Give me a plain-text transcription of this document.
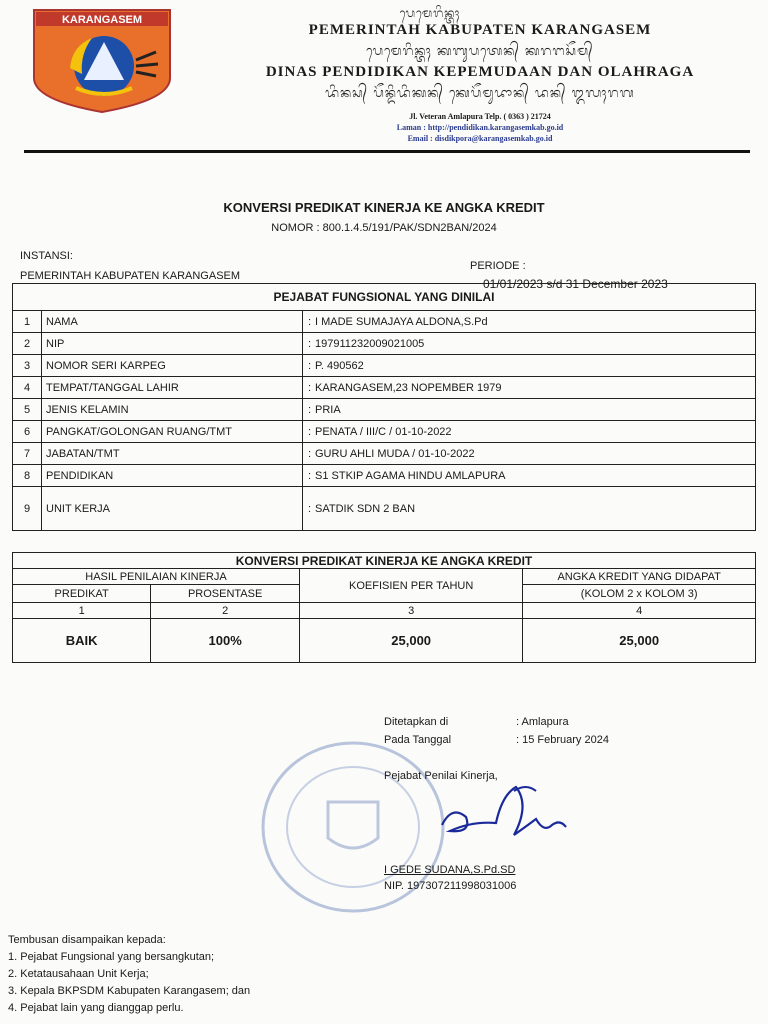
KARANGASEM	ᬧᬾᬫᬾᬭᬶᬦ᭄ᬢᬄ
PEMERINTAH KABUPATEN KARANGASEM
ᬧᬾᬫᬾᬭᬶᬦ᭄ᬢᬄ ᬓᬩᬸᬧᬢᬾᬦ᭄ ᬓᬭᬗᬲᭂᬫ᭄
DINAS PENDIDIKAN KEPEMUDAAN DAN OLAHRAGA
ᬤᬶᬦᬲ᭄ ᬧᭂᬦ᭄ᬤᬶᬤᬶᬓᬦ᭄ ᬓᬾᬧᭂᬫᬸᬤᬵᬦ᭄ ᬤᬦ᭄ ᬑᬮᬄᬭᬕ
Jl. Veteran Amlapura Telp. ( 0363 ) 21724
Laman : http://pendidikan.karangasemkab.go.id
Email : disdikpora@karangasemkab.go.id
KONVERSI PREDIKAT KINERJA KE ANGKA KREDIT
NOMOR : 800.1.4.5/191/PAK/SDN2BAN/2024
INSTANSI:
PEMERINTAH KABUPATEN KARANGASEM
PERIODE :
01/01/2023 s/d 31 December 2023
PEJABAT FUNGSIONAL YANG DINILAI			
1	NAMA	:	I MADE SUMAJAYA ALDONA,S.Pd
2	NIP	:	197911232009021005
3	NOMOR SERI KARPEG	:	P. 490562
4	TEMPAT/TANGGAL LAHIR	:	KARANGASEM,23 NOPEMBER 1979
5	JENIS KELAMIN	:	PRIA
6	PANGKAT/GOLONGAN RUANG/TMT	:	PENATA / III/C / 01-10-2022
7	JABATAN/TMT	:	GURU AHLI MUDA / 01-10-2022
8	PENDIDIKAN	:	S1 STKIP AGAMA HINDU AMLAPURA
9	UNIT KERJA	:	SATDIK SDN 2 BAN
KONVERSI PREDIKAT KINERJA KE ANGKA KREDIT			
HASIL PENILAIAN KINERJA		KOEFISIEN PER TAHUN	ANGKA KREDIT YANG DIDAPAT
PREDIKAT	PROSENTASE		(KOLOM 2 x KOLOM 3)
1	2	3	4
BAIK	100%	25,000	25,000
Ditetapkan di	: Amlapura
Pada Tanggal	: 15 February 2024
Pejabat Penilai Kinerja,
I GEDE SUDANA,S.Pd.SD
NIP. 197307211998031006
Tembusan disampaikan kepada:
1. Pejabat Fungsional yang bersangkutan;
2. Ketatausahaan Unit Kerja;
3. Kepala BKPSDM Kabupaten Karangasem; dan
4. Pejabat lain yang dianggap perlu.
